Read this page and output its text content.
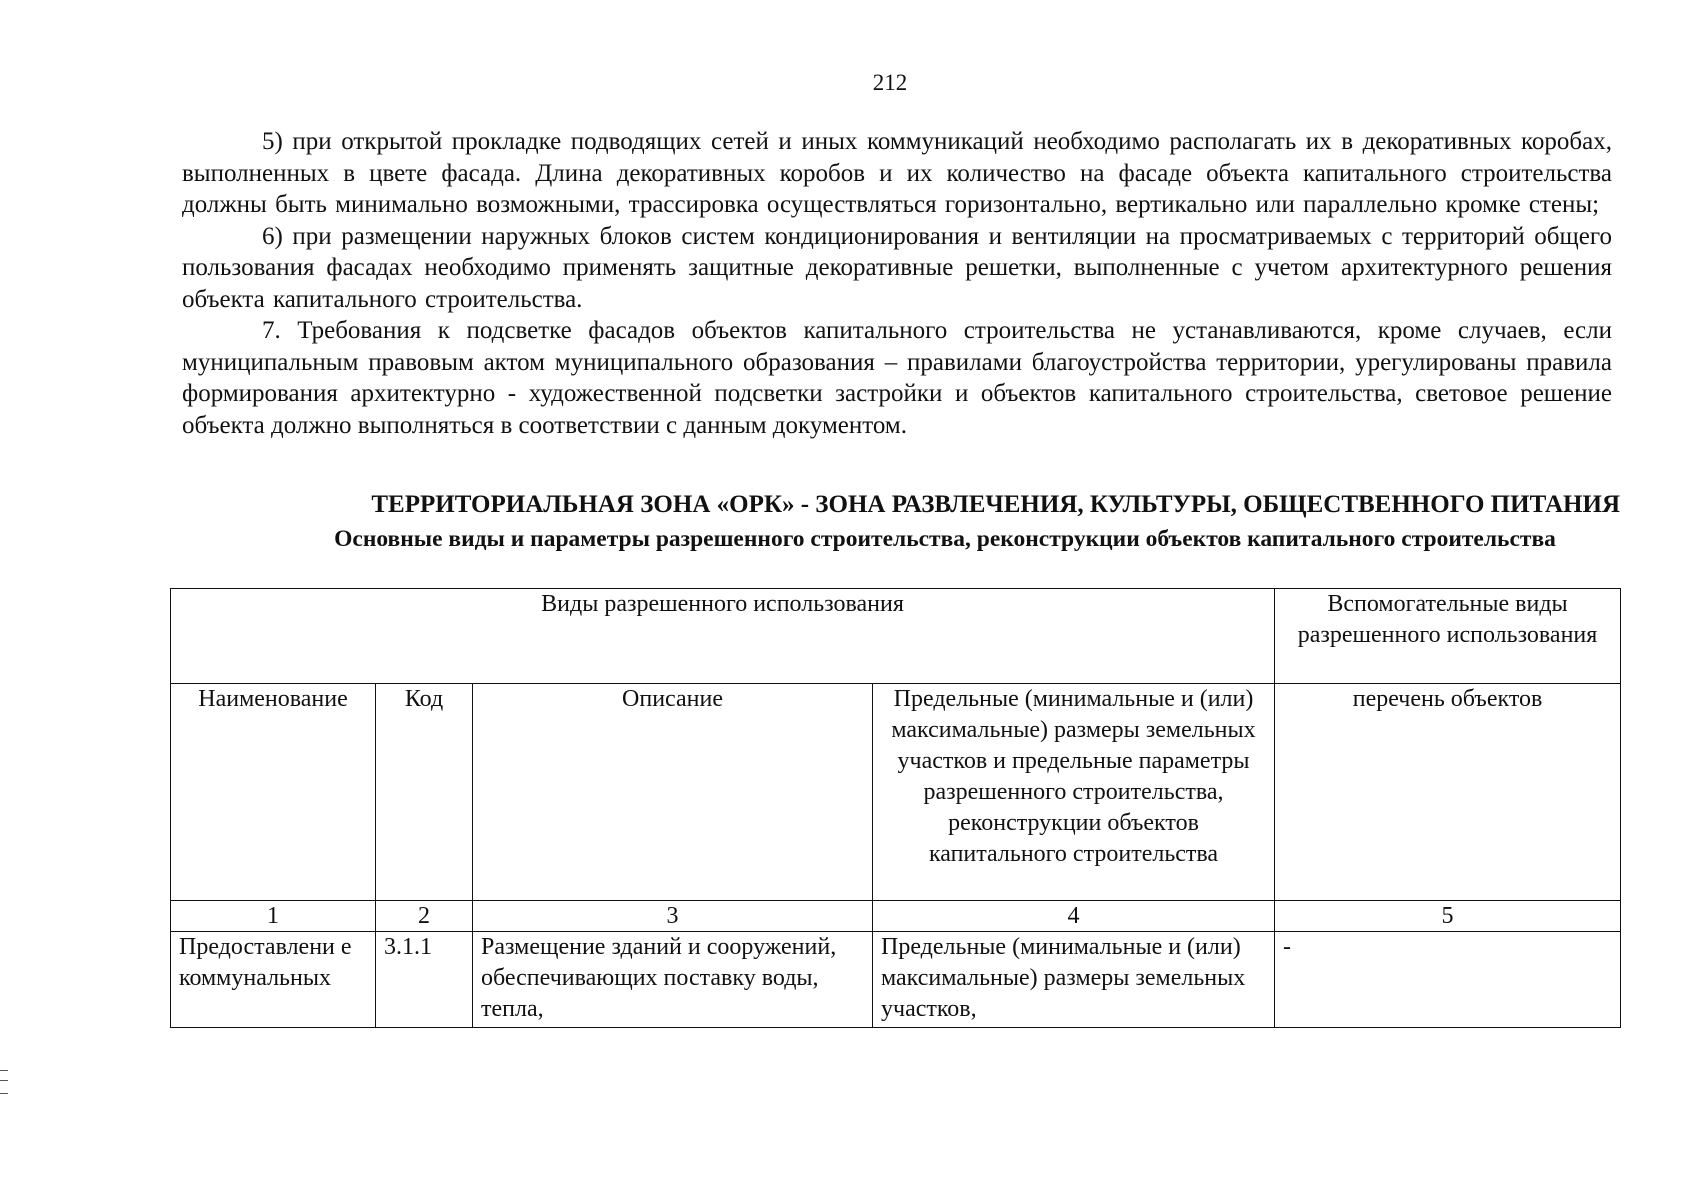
212

5) при открытой прокладке подводящих сетей и иных коммуникаций необходимо располагать их в декоративных коробах, выполненных в цвете фасада. Длина декоративных коробов и их количество на фасаде объекта капитального строительства должны быть минимально возможными, трассировка осуществляться горизонтально, вертикально или параллельно кромке стены;

6) при размещении наружных блоков систем кондиционирования и вентиляции на просматриваемых с территорий общего пользования фасадах необходимо применять защитные декоративные решетки, выполненные с учетом архитектурного решения объекта капитального строительства.

7. Требования к подсветке фасадов объектов капитального строительства не устанавливаются, кроме случаев, если муниципальным правовым актом муниципального образования – правилами благоустройства территории, урегулированы правила формирования архитектурно - художественной подсветки застройки и объектов капитального строительства, световое решение объекта должно выполняться в соответствии с данным документом.

ТЕРРИТОРИАЛЬНАЯ ЗОНА «ОРК» - ЗОНА РАЗВЛЕЧЕНИЯ, КУЛЬТУРЫ, ОБЩЕСТВЕННОГО ПИТАНИЯ
Основные виды и параметры разрешенного строительства, реконструкции объектов капитального строительства
Виды разрешенного использования				Вспомогательные виды разрешенного использования
Наименование	Код	Описание	Предельные (минимальные и (или) максимальные) размеры земельных участков и предельные параметры разрешенного строительства, реконструкции объектов капитального строительства	перечень объектов
1	2	3	4	5
Предоставлени е коммунальных	3.1.1	Размещение зданий и сооружений, обеспечивающих поставку воды, тепла,	Предельные (минимальные и (или) максимальные) размеры земельных участков,	-
